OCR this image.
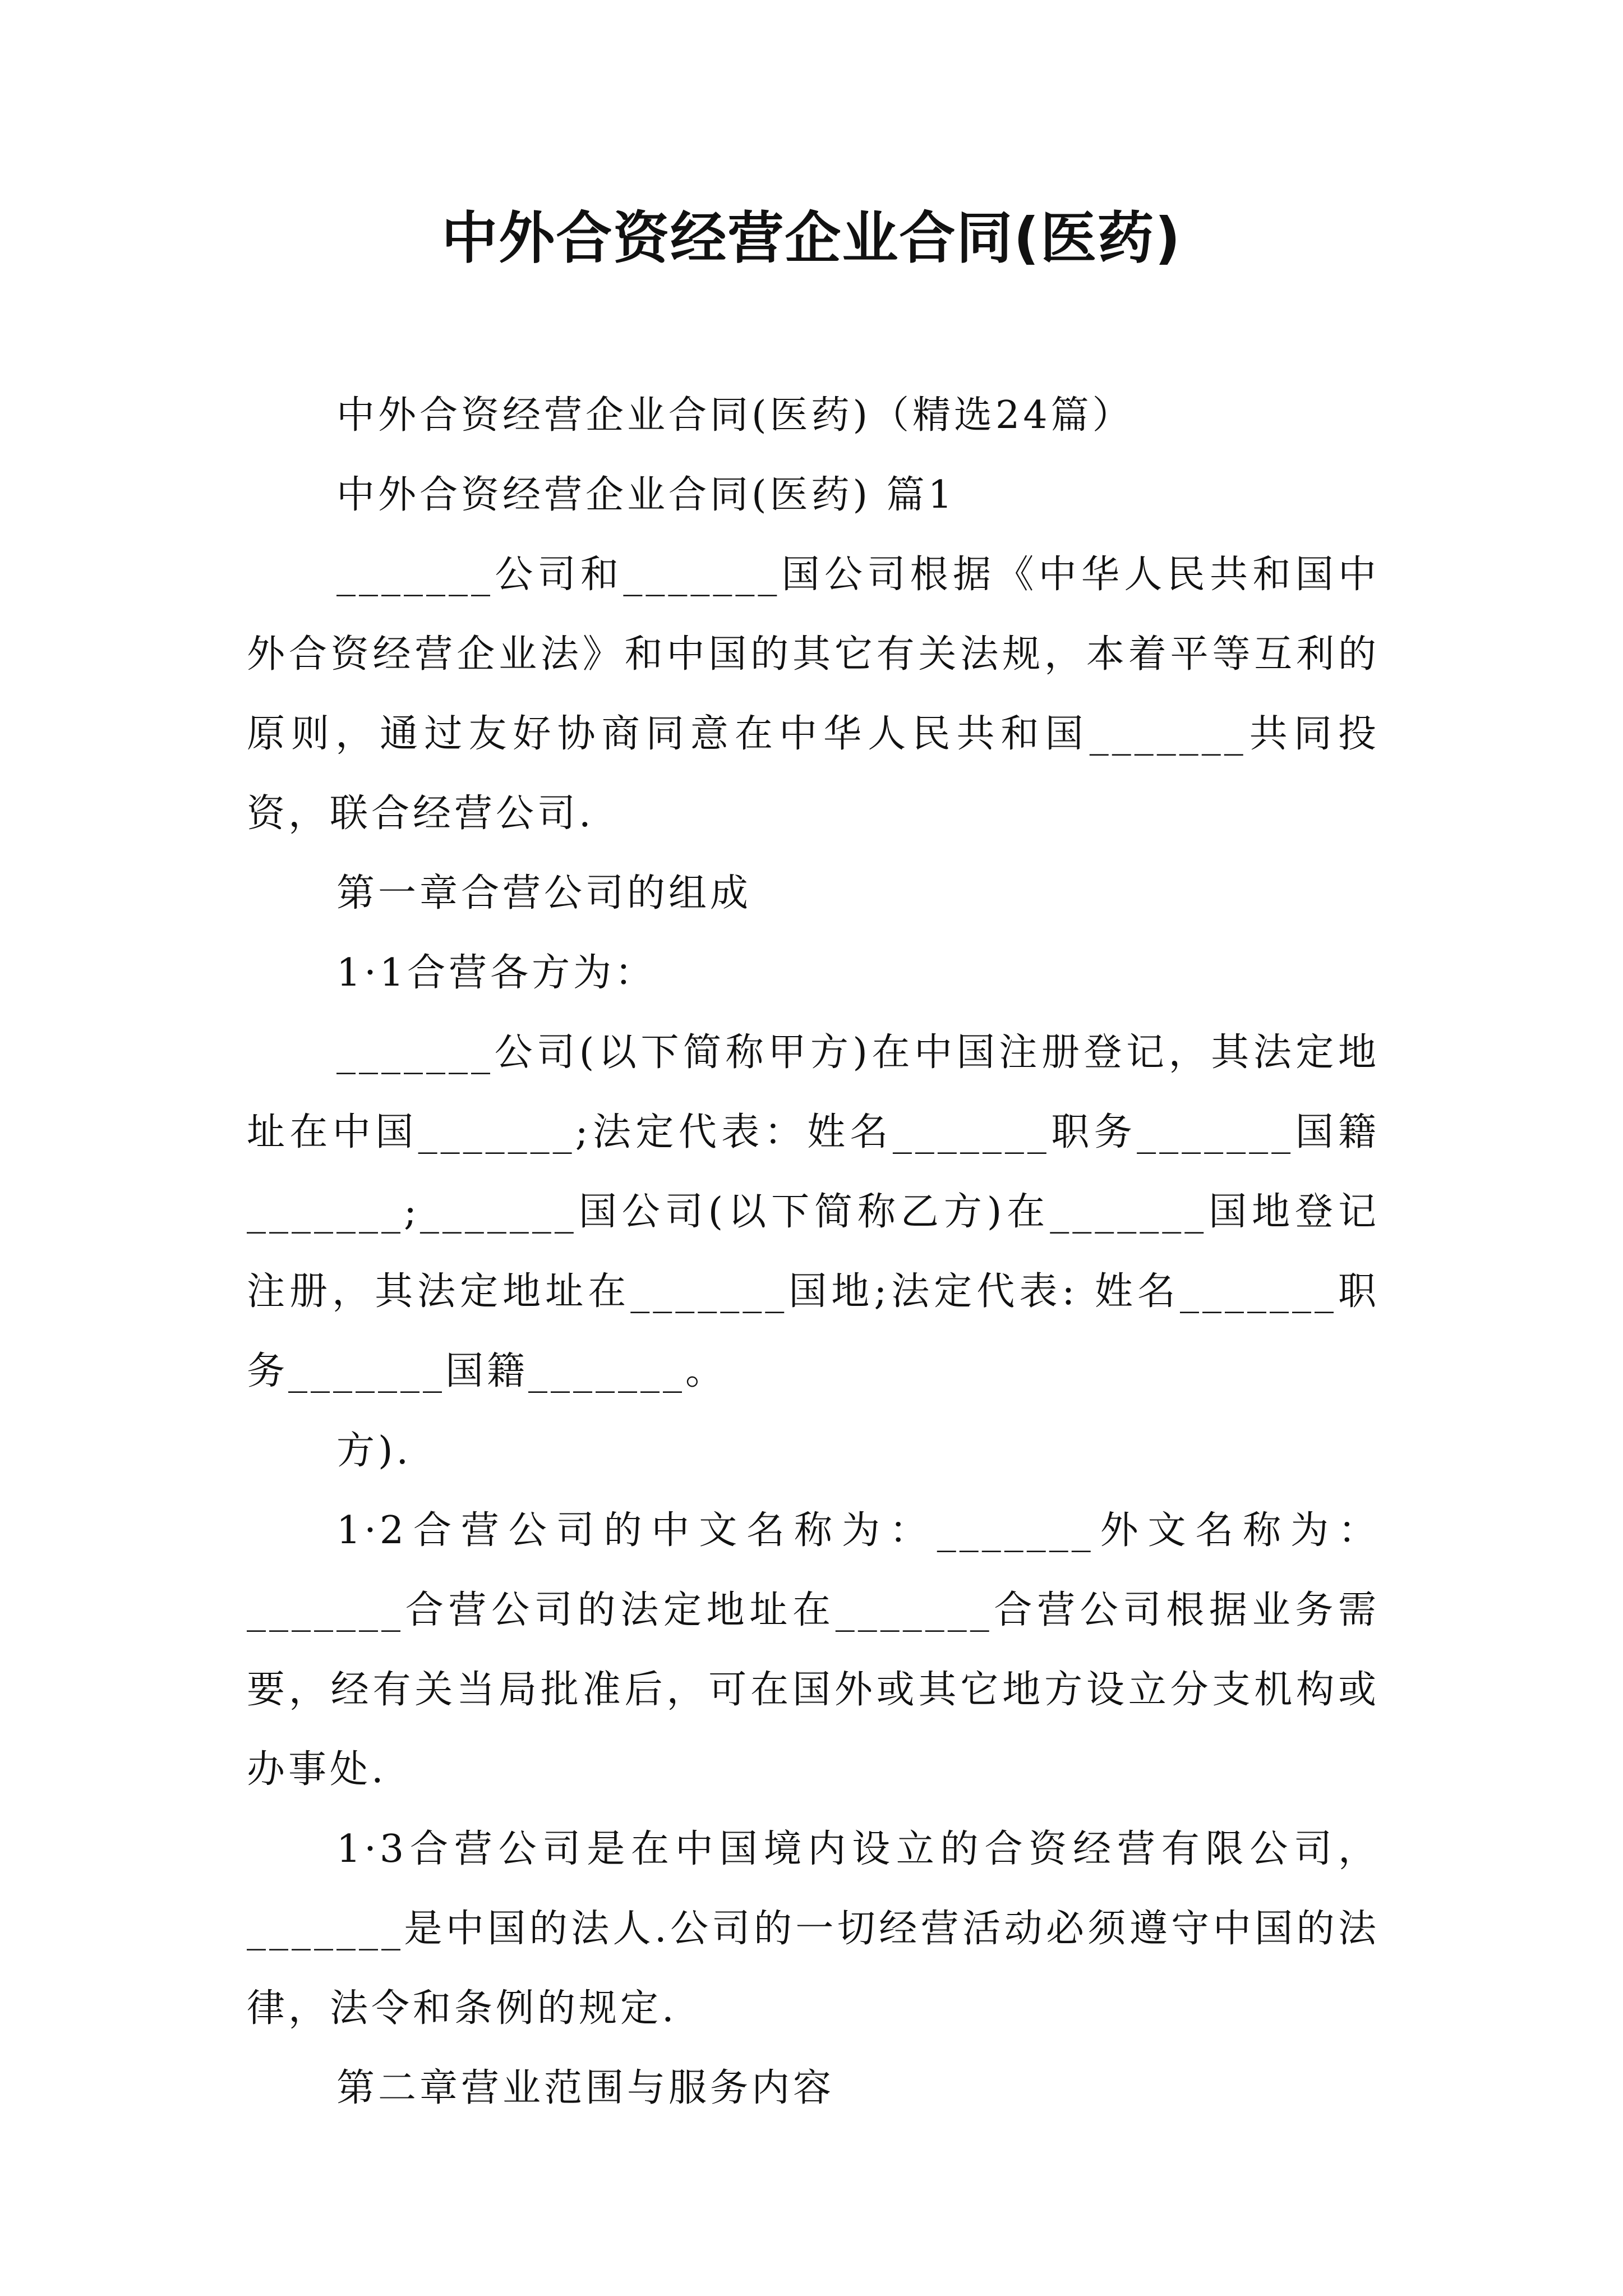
中外合资经营企业合同(医药)

中外合资经营企业合同(医药)（精选24篇）

中外合资经营企业合同(医药) 篇1

_______公司和_______国公司根据《中华人民共和国中外合资经营企业法》和中国的其它有关法规，本着平等互利的原则，通过友好协商同意在中华人民共和国_______共同投资，联合经营公司.

第一章合营公司的组成

1·1合营各方为：

_______公司(以下简称甲方)在中国注册登记，其法定地址在中国_______;法定代表：姓名_______职务_______国籍_______;_______国公司(以下简称乙方)在_______国地登记注册，其法定地址在_______国地;法定代表: 姓名_______职务_______国籍_______。

方).

1·2合营公司的中文名称为：_______外文名称为：_______合营公司的法定地址在_______合营公司根据业务需要，经有关当局批准后，可在国外或其它地方设立分支机构或办事处.

1·3合营公司是在中国境内设立的合资经营有限公司，_______是中国的法人.公司的一切经营活动必须遵守中国的法律，法令和条例的规定.

第二章营业范围与服务内容
